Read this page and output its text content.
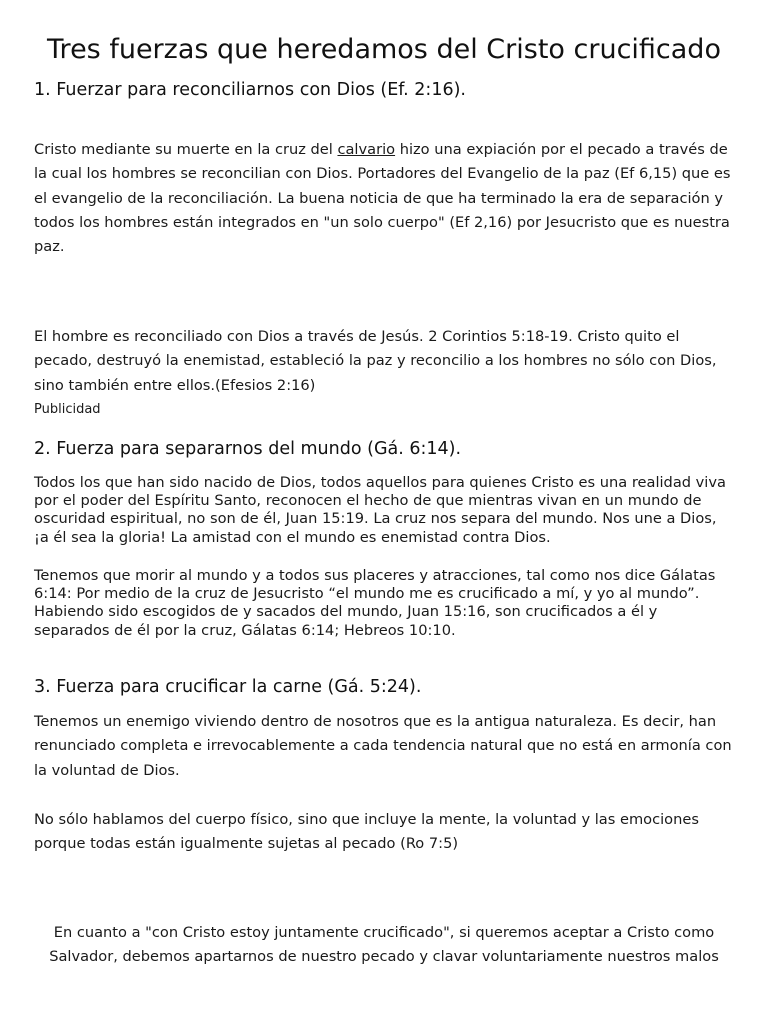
Tres fuerzas que heredamos del Cristo crucificado
1. Fuerzar para reconciliarnos con Dios (Ef. 2:16).

Cristo mediante su muerte en la cruz del calvario hizo una expiación por el pecado a través de la cual los hombres se reconcilian con Dios. Portadores del Evangelio de la paz (Ef 6,15) que es el evangelio de la reconciliación. La buena noticia de que ha terminado la era de separación y todos los hombres están integrados en "un solo cuerpo" (Ef 2,16) por Jesucristo que es nuestra paz.

El hombre es reconciliado con Dios a través de Jesús. 2 Corintios 5:18-19. Cristo quito el pecado, destruyó la enemistad, estableció la paz y reconcilio a los hombres no sólo con Dios, sino también entre ellos.(Efesios 2:16)

Publicidad

2. Fuerza para separarnos del mundo (Gá. 6:14).

Todos los que han sido nacido de Dios, todos aquellos para quienes Cristo es una realidad viva por el poder del Espíritu Santo, reconocen el hecho de que mientras vivan en un mundo de oscuridad espiritual, no son de él, Juan 15:19. La cruz nos separa del mundo. Nos une a Dios, ¡a él sea la gloria! La amistad con el mundo es enemistad contra Dios.

Tenemos que morir al mundo y a todos sus placeres y atracciones, tal como nos dice Gálatas 6:14: Por medio de la cruz de Jesucristo “el mundo me es crucificado a mí, y yo al mundo”. Habiendo sido escogidos de y sacados del mundo, Juan 15:16, son crucificados a él y separados de él por la cruz, Gálatas 6:14; Hebreos 10:10.

3. Fuerza para crucificar la carne (Gá. 5:24).

Tenemos un enemigo viviendo dentro de nosotros que es la antigua naturaleza. Es decir, han renunciado completa e irrevocablemente a cada tendencia natural que no está en armonía con la voluntad de Dios.

No sólo hablamos del cuerpo físico, sino que incluye la mente, la voluntad y las emociones porque todas están igualmente sujetas al pecado (Ro 7:5)

En cuanto a "con Cristo estoy juntamente crucificado", si queremos aceptar a Cristo como

Salvador, debemos apartarnos de nuestro pecado y clavar voluntariamente nuestros malos
